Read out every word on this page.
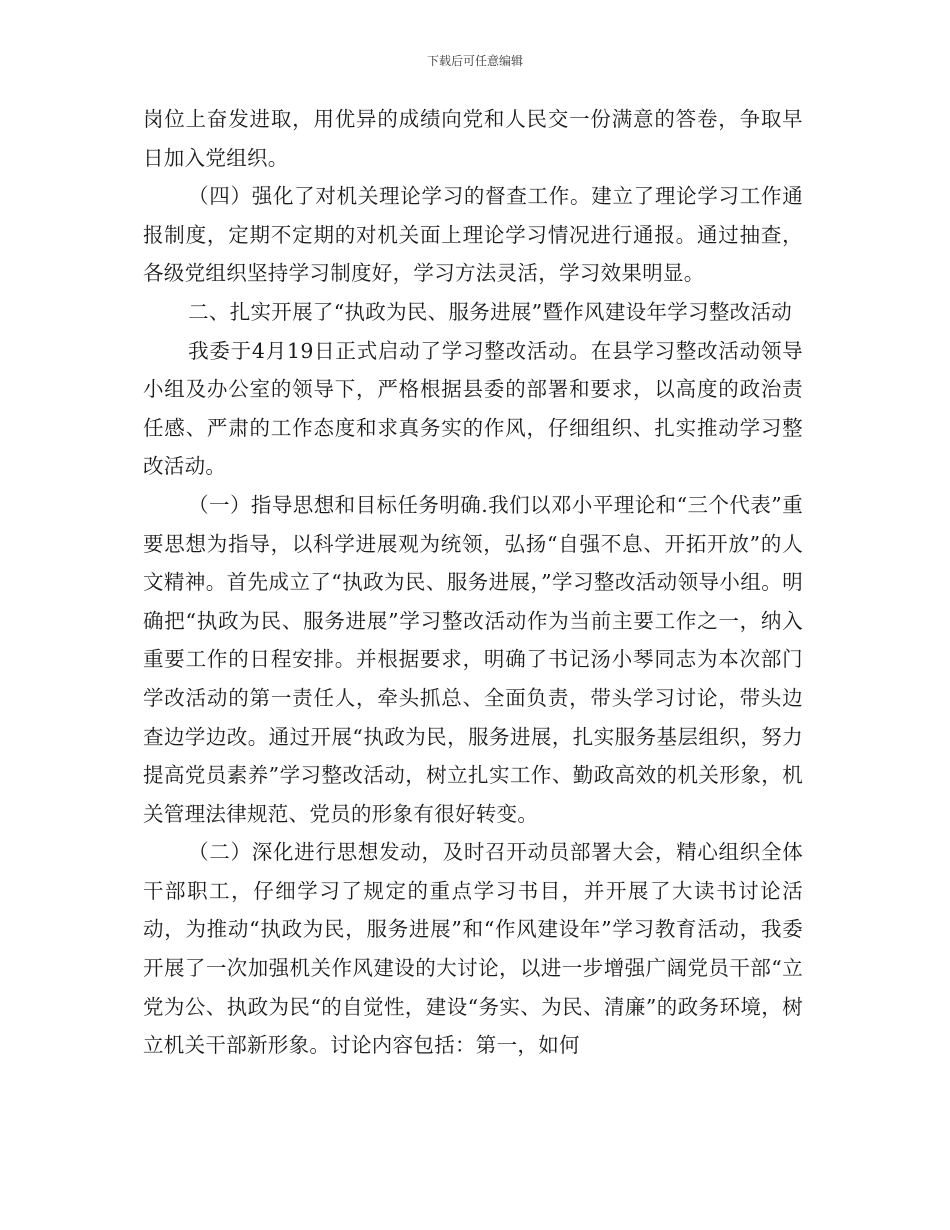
下载后可任意编辑

岗位上奋发进取，用优异的成绩向党和人民交一份满意的答卷，争取早日加入党组织。

（四）强化了对机关理论学习的督查工作。建立了理论学习工作通报制度，定期不定期的对机关面上理论学习情况进行通报。通过抽查，各级党组织坚持学习制度好，学习方法灵活，学习效果明显。

二、扎实开展了“执政为民、服务进展”暨作风建设年学习整改活动

我委于4月19日正式启动了学习整改活动。在县学习整改活动领导小组及办公室的领导下，严格根据县委的部署和要求，以高度的政治责任感、严肃的工作态度和求真务实的作风，仔细组织、扎实推动学习整改活动。

（一）指导思想和目标任务明确.我们以邓小平理论和“三个代表”重要思想为指导，以科学进展观为统领，弘扬“自强不息、开拓开放”的人文精神。首先成立了“执政为民、服务进展，”学习整改活动领导小组。明确把“执政为民、服务进展”学习整改活动作为当前主要工作之一，纳入重要工作的日程安排。并根据要求，明确了书记汤小琴同志为本次部门学改活动的第一责任人，牵头抓总、全面负责，带头学习讨论，带头边查边学边改。通过开展“执政为民，服务进展，扎实服务基层组织，努力提高党员素养”学习整改活动，树立扎实工作、勤政高效的机关形象，机关管理法律规范、党员的形象有很好转变。

（二）深化进行思想发动，及时召开动员部署大会，精心组织全体干部职工，仔细学习了规定的重点学习书目，并开展了大读书讨论活动，为推动“执政为民，服务进展”和“作风建设年”学习教育活动，我委开展了一次加强机关作风建设的大讨论，以进一步增强广阔党员干部“立党为公、执政为民“的自觉性，建设“务实、为民、清廉”的政务环境，树立机关干部新形象。讨论内容包括：第一，如何
